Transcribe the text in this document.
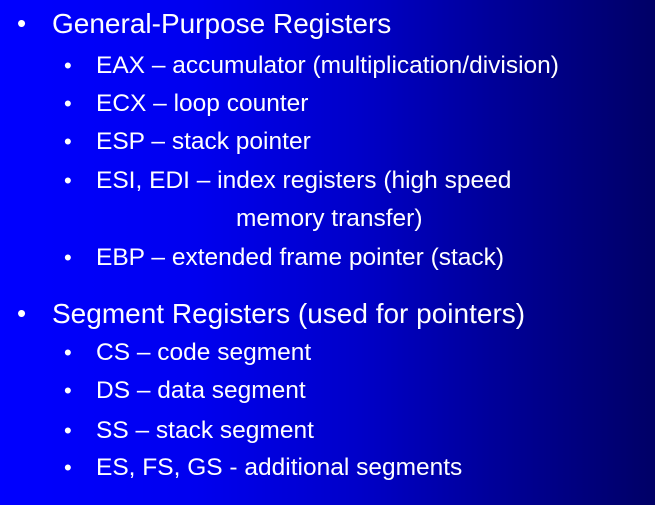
• General-Purpose Registers
• EAX – accumulator (multiplication/division)
• ECX – loop counter
• ESP – stack pointer
• ESI, EDI – index registers (high speed
memory transfer)
• EBP – extended frame pointer (stack)
• Segment Registers (used for pointers)
• CS – code segment
• DS – data segment
• SS – stack segment
• ES, FS, GS - additional segments
